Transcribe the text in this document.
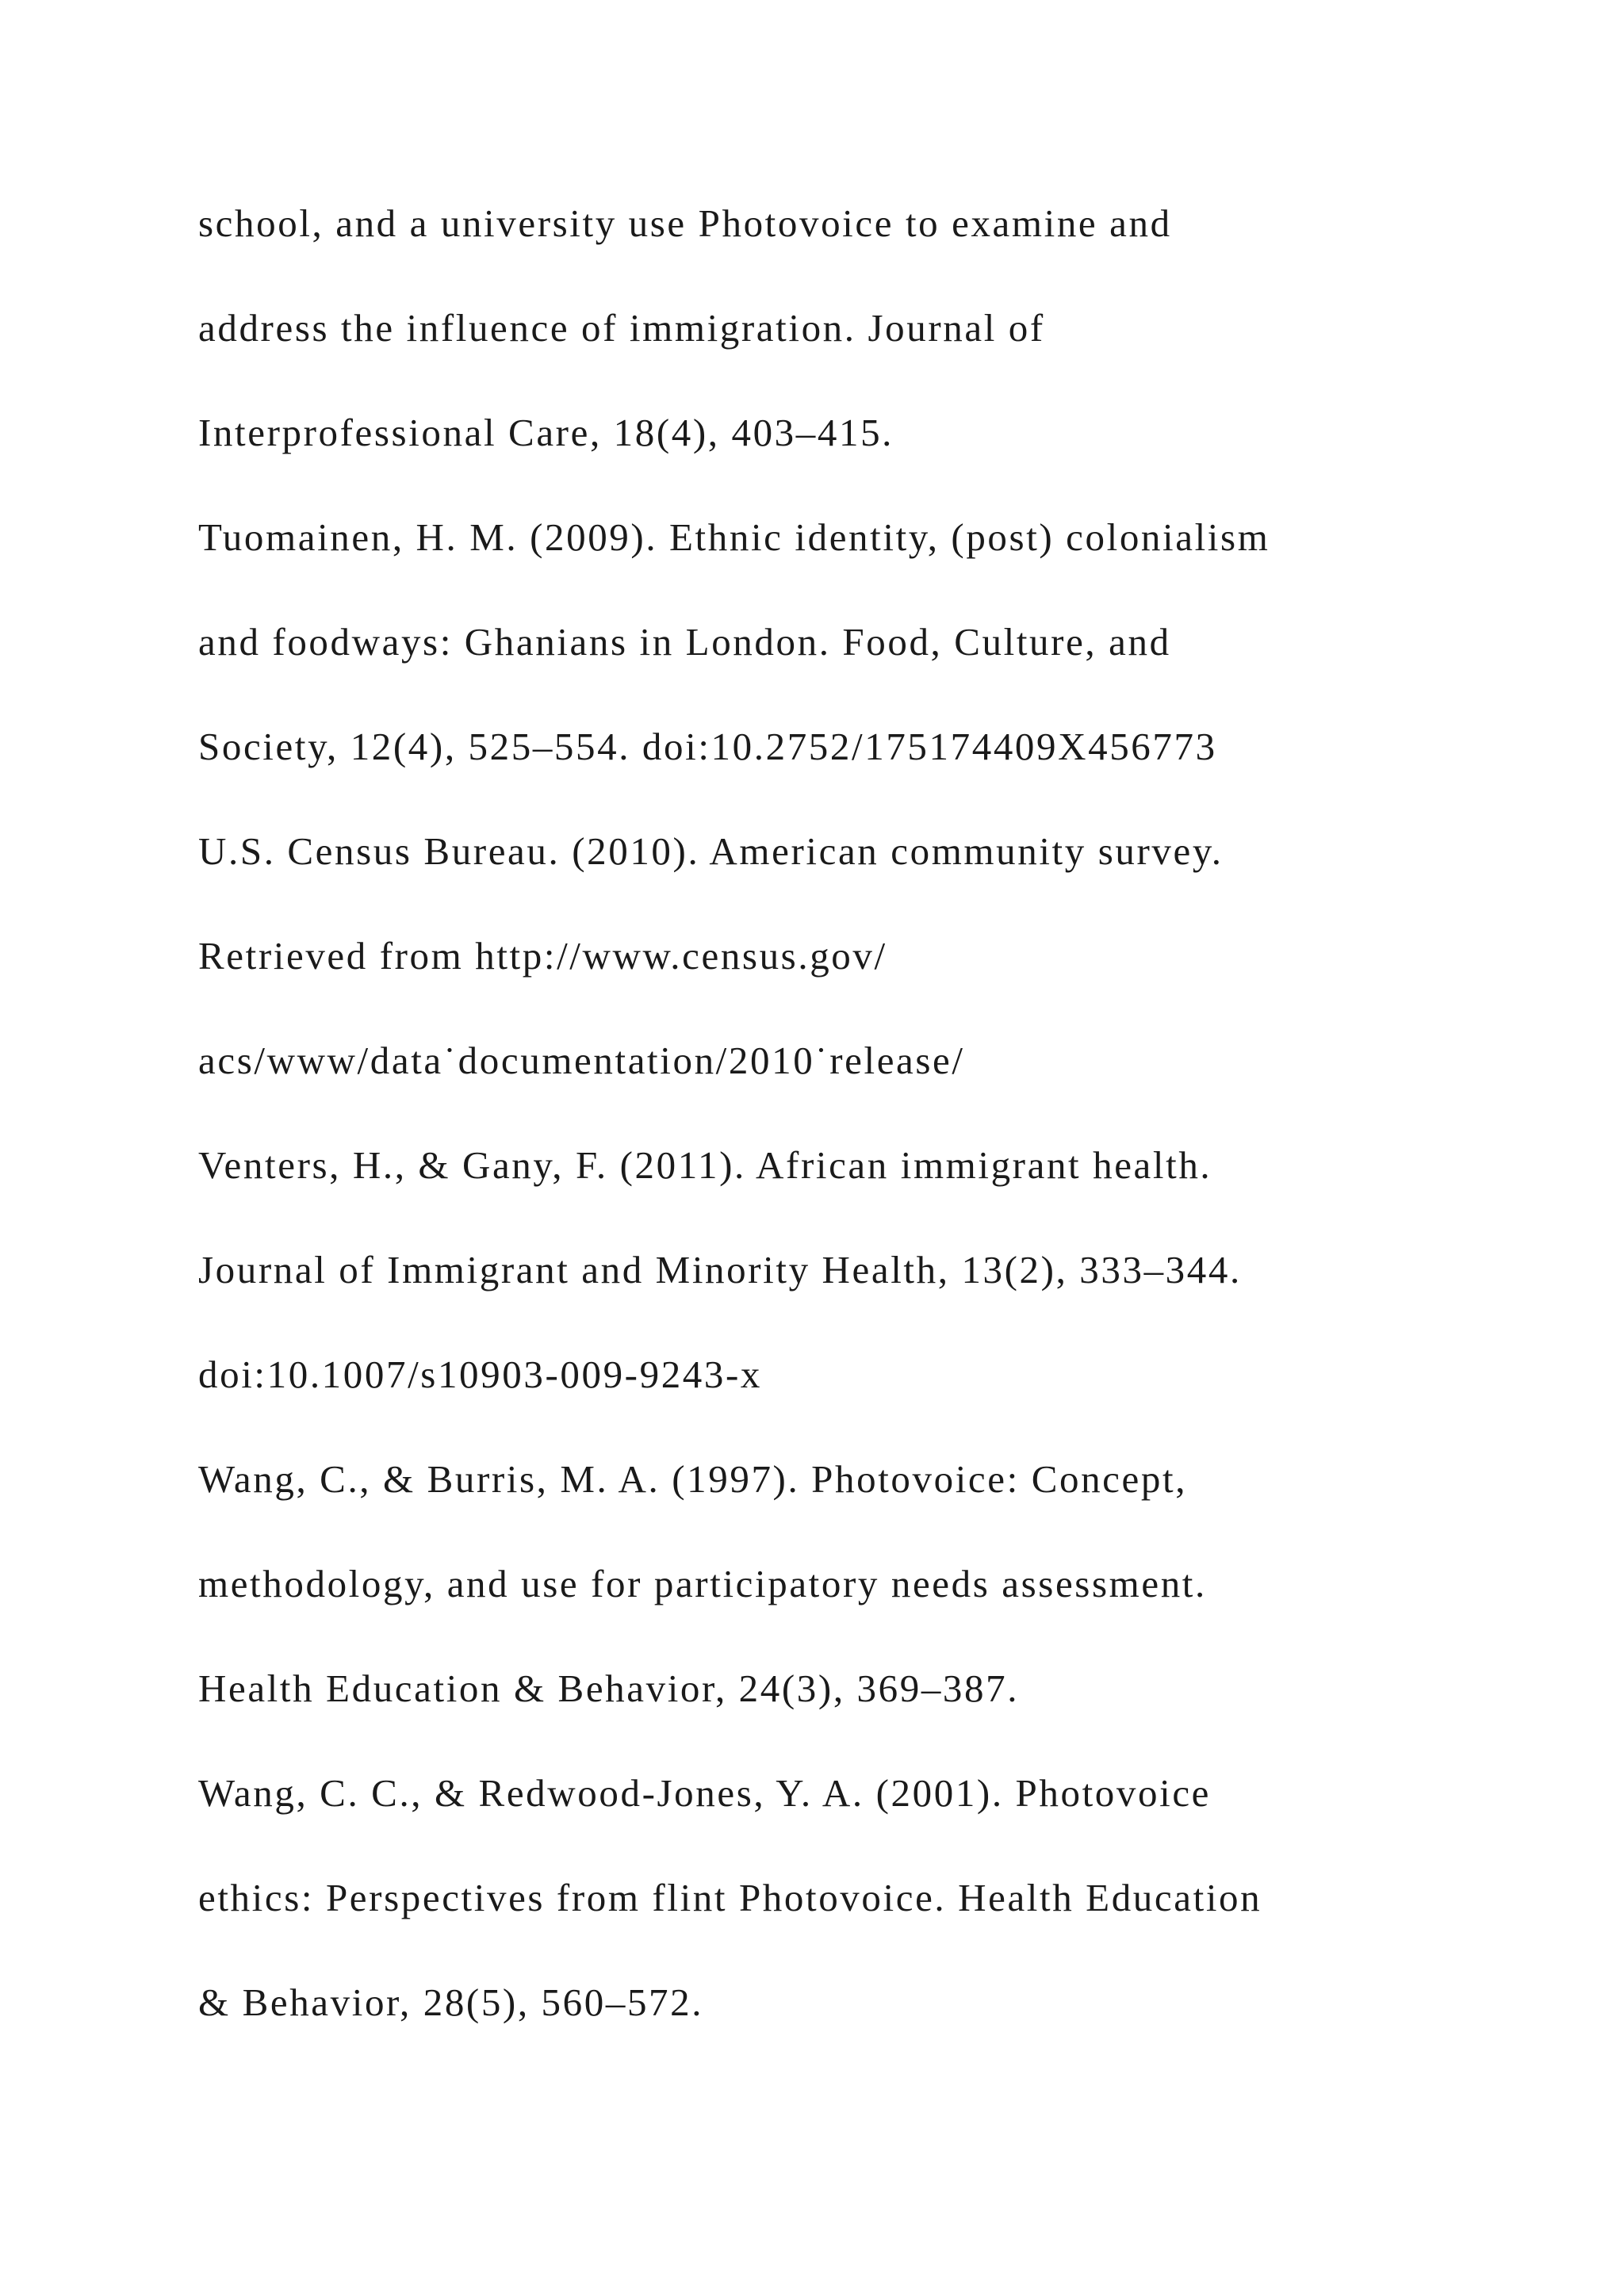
school, and a university use Photovoice to examine and
address the influence of immigration. Journal of
Interprofessional Care, 18(4), 403–415.
Tuomainen, H. M. (2009). Ethnic identity, (post) colonialism
and foodways: Ghanians in London. Food, Culture, and
Society, 12(4), 525–554. doi:10.2752/175174409X456773
U.S. Census Bureau. (2010). American community survey.
Retrieved from http://www.census.gov/
acs/www/data˙documentation/2010˙release/
Venters, H., & Gany, F. (2011). African immigrant health.
Journal of Immigrant and Minority Health, 13(2), 333–344.
doi:10.1007/s10903-009-9243-x
Wang, C., & Burris, M. A. (1997). Photovoice: Concept,
methodology, and use for participatory needs assessment.
Health Education & Behavior, 24(3), 369–387.
Wang, C. C., & Redwood-Jones, Y. A. (2001). Photovoice
ethics: Perspectives from flint Photovoice. Health Education
& Behavior, 28(5), 560–572.
